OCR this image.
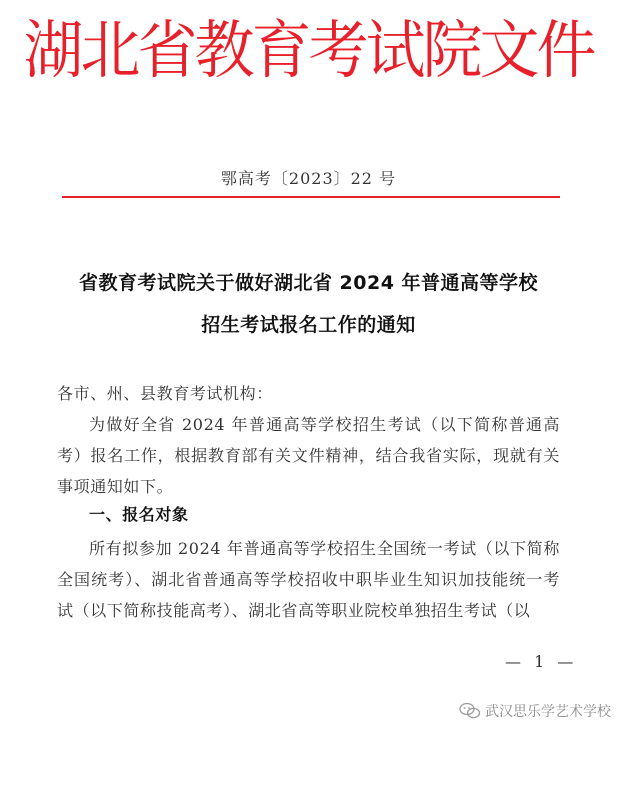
湖北省教育考试院文件
鄂高考〔2023〕22 号
省教育考试院关于做好湖北省 2024 年普通高等学校
招生考试报名工作的通知
各市、州、县教育考试机构：
为做好全省 2024 年普通高等学校招生考试（以下简称普通高考）报名工作，根据教育部有关文件精神，结合我省实际，现就有关事项通知如下。
一、报名对象
所有拟参加 2024 年普通高等学校招生全国统一考试（以下简称全国统考）、湖北省普通高等学校招收中职毕业生知识加技能统一考试（以下简称技能高考）、湖北省高等职业院校单独招生考试（以
— 1 —
武汉思乐学艺术学校
